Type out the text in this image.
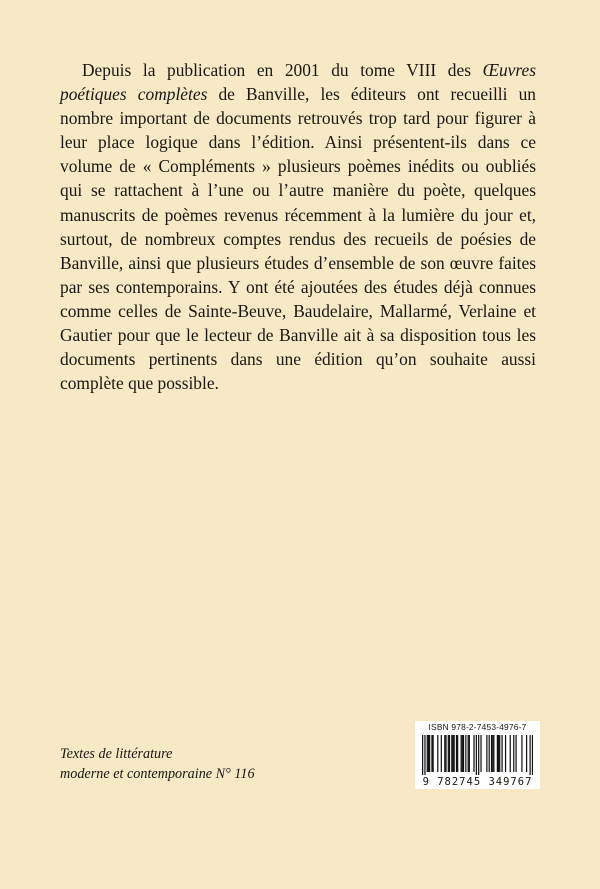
Depuis la publication en 2001 du tome VIII des Œuvres poétiques complètes de Banville, les éditeurs ont recueilli un nombre important de documents retrouvés trop tard pour figurer à leur place logique dans l’édition. Ainsi présentent-ils dans ce volume de « Compléments » plusieurs poèmes inédits ou oubliés qui se rattachent à l’une ou l’autre manière du poète, quelques manuscrits de poèmes revenus récemment à la lumière du jour et, surtout, de nombreux comptes rendus des recueils de poésies de Banville, ainsi que plusieurs études d’ensemble de son œuvre faites par ses contemporains. Y ont été ajoutées des études déjà connues comme celles de Sainte-Beuve, Baudelaire, Mallarmé, Verlaine et Gautier pour que le lecteur de Banville ait à sa disposition tous les documents pertinents dans une édition qu’on souhaite aussi complète que possible.

Textes de littérature
moderne et contemporaine N° 116
ISBN 978-2-7453-4976-7
9 782745 349767
